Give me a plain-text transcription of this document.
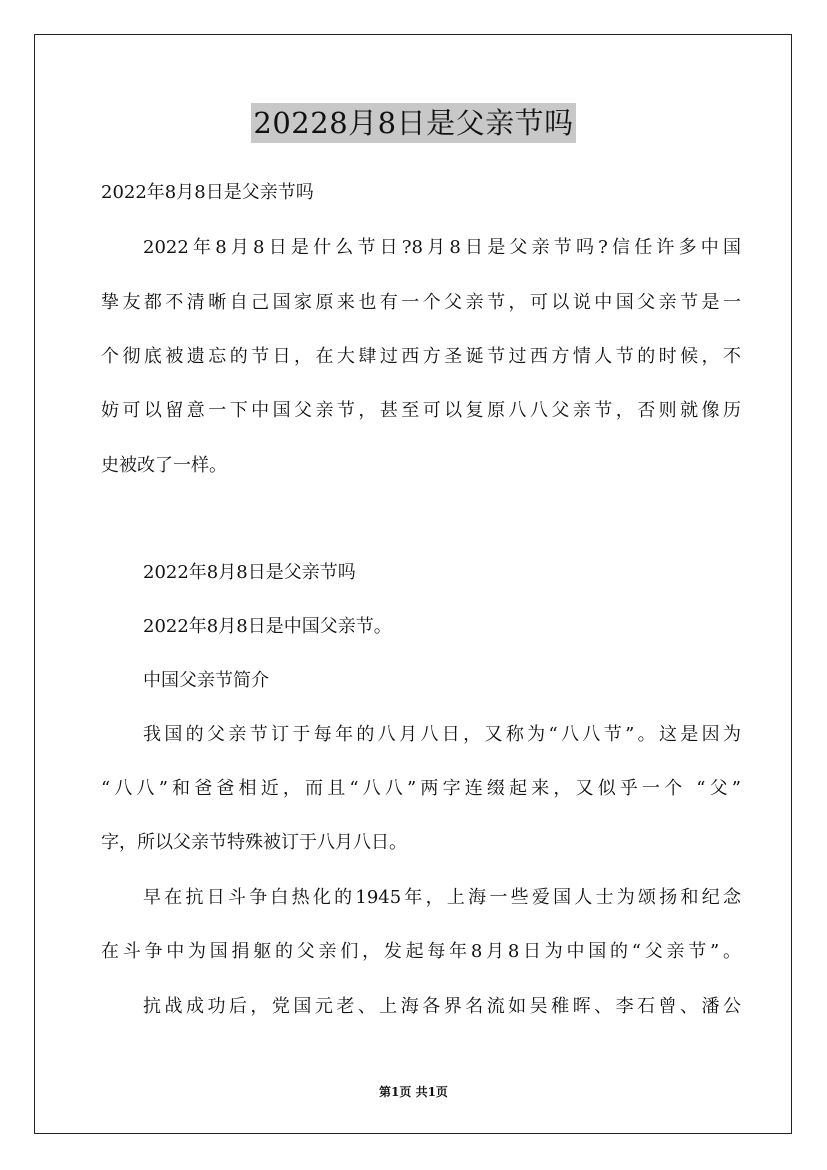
20228月8日是父亲节吗
2022年8月8日是父亲节吗
2022年8月8日是什么节日?8月8日是父亲节吗?信任许多中国
挚友都不清晰自己国家原来也有一个父亲节，可以说中国父亲节是一
个彻底被遗忘的节日，在大肆过西方圣诞节过西方情人节的时候，不
妨可以留意一下中国父亲节，甚至可以复原八八父亲节，否则就像历
史被改了一样。
2022年8月8日是父亲节吗
2022年8月8日是中国父亲节。
中国父亲节简介
我国的父亲节订于每年的八月八日，又称为“八八节”。这是因为
“八八”和爸爸相近，而且“八八”两字连缀起来，又似乎一个 “父”
字，所以父亲节特殊被订于八月八日。
早在抗日斗争白热化的1945年，上海一些爱国人士为颂扬和纪念
在斗争中为国捐躯的父亲们，发起每年8月8日为中国的“父亲节”。
抗战成功后，党国元老、上海各界名流如吴稚晖、李石曾、潘公
第1页 共1页
